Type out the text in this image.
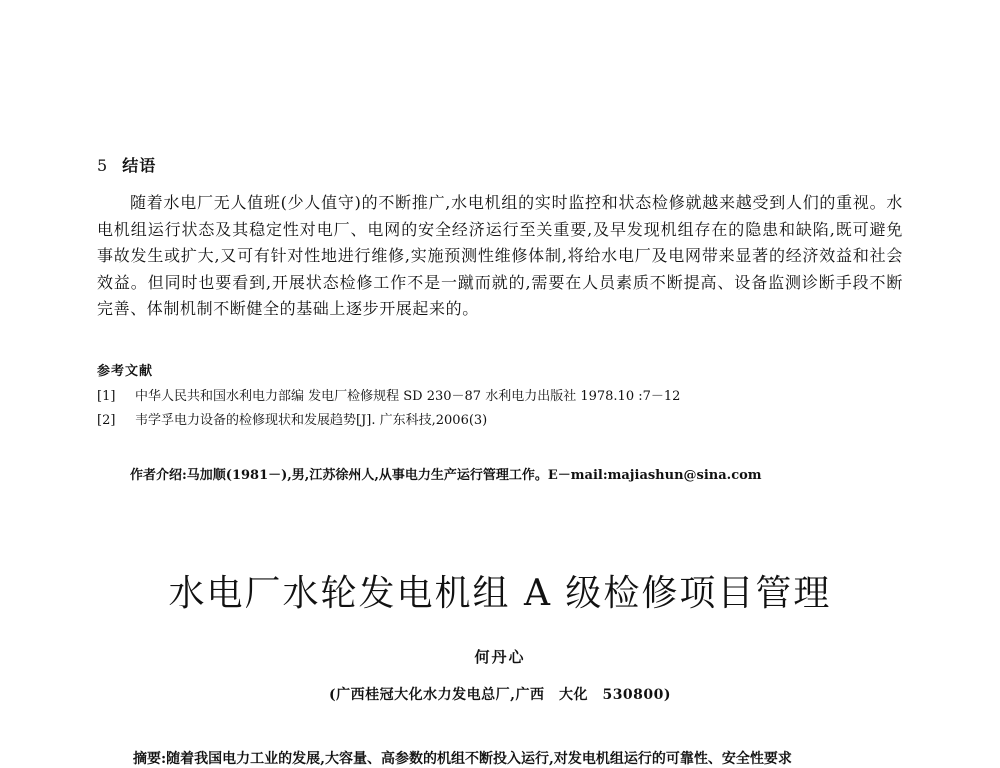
5 结语

随着水电厂无人值班(少人值守)的不断推广,水电机组的实时监控和状态检修就越来越受到人们的重视。水电机组运行状态及其稳定性对电厂、电网的安全经济运行至关重要,及早发现机组存在的隐患和缺陷,既可避免事故发生或扩大,又可有针对性地进行维修,实施预测性维修体制,将给水电厂及电网带来显著的经济效益和社会效益。但同时也要看到,开展状态检修工作不是一蹴而就的,需要在人员素质不断提高、设备监测诊断手段不断完善、体制机制不断健全的基础上逐步开展起来的。

参考文献
[1] 中华人民共和国水利电力部编 发电厂检修规程 SD 230－87 水利电力出版社 1978.10 :7－12
[2] 韦学孚电力设备的检修现状和发展趋势[J]. 广东科技,2006(3)
作者介绍:马加顺(1981－),男,江苏徐州人,从事电力生产运行管理工作。E－mail:majiashun@sina.com
水电厂水轮发电机组 A 级检修项目管理
何丹心
(广西桂冠大化水力发电总厂,广西　大化　530800)
摘要:随着我国电力工业的发展,大容量、高参数的机组不断投入运行,对发电机组运行的可靠性、安全性要求
